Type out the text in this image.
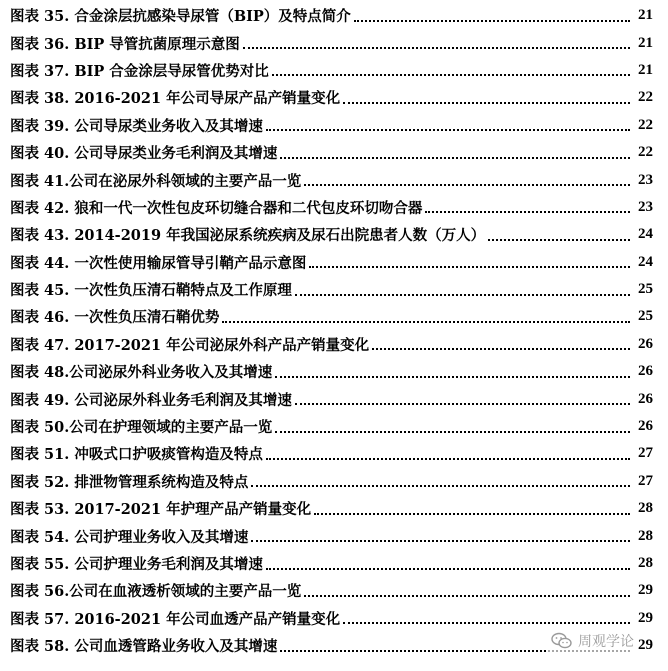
图表 35. 合金涂层抗感染导尿管（BIP）及特点简介	21
图表 36. BIP 导管抗菌原理示意图	21
图表 37. BIP 合金涂层导尿管优势对比	21
图表 38. 2016-2021 年公司导尿产品产销量变化	22
图表 39. 公司导尿类业务收入及其增速	22
图表 40. 公司导尿类业务毛利润及其增速	22
图表 41.公司在泌尿外科领域的主要产品一览	23
图表 42. 狼和一代一次性包皮环切缝合器和二代包皮环切吻合器	23
图表 43. 2014-2019 年我国泌尿系统疾病及尿石出院患者人数（万人）	24
图表 44. 一次性使用输尿管导引鞘产品示意图	24
图表 45. 一次性负压清石鞘特点及工作原理	25
图表 46. 一次性负压清石鞘优势	25
图表 47. 2017-2021 年公司泌尿外科产品产销量变化	26
图表 48.公司泌尿外科业务收入及其增速	26
图表 49. 公司泌尿外科业务毛利润及其增速	26
图表 50.公司在护理领域的主要产品一览	26
图表 51. 冲吸式口护吸痰管构造及特点	27
图表 52. 排泄物管理系统构造及特点	27
图表 53. 2017-2021 年护理产品产销量变化	28
图表 54. 公司护理业务收入及其增速	28
图表 55. 公司护理业务毛利润及其增速	28
图表 56.公司在血液透析领域的主要产品一览	29
图表 57. 2016-2021 年公司血透产品产销量变化	29
图表 58. 公司血透管路业务收入及其增速	29
周观学论
